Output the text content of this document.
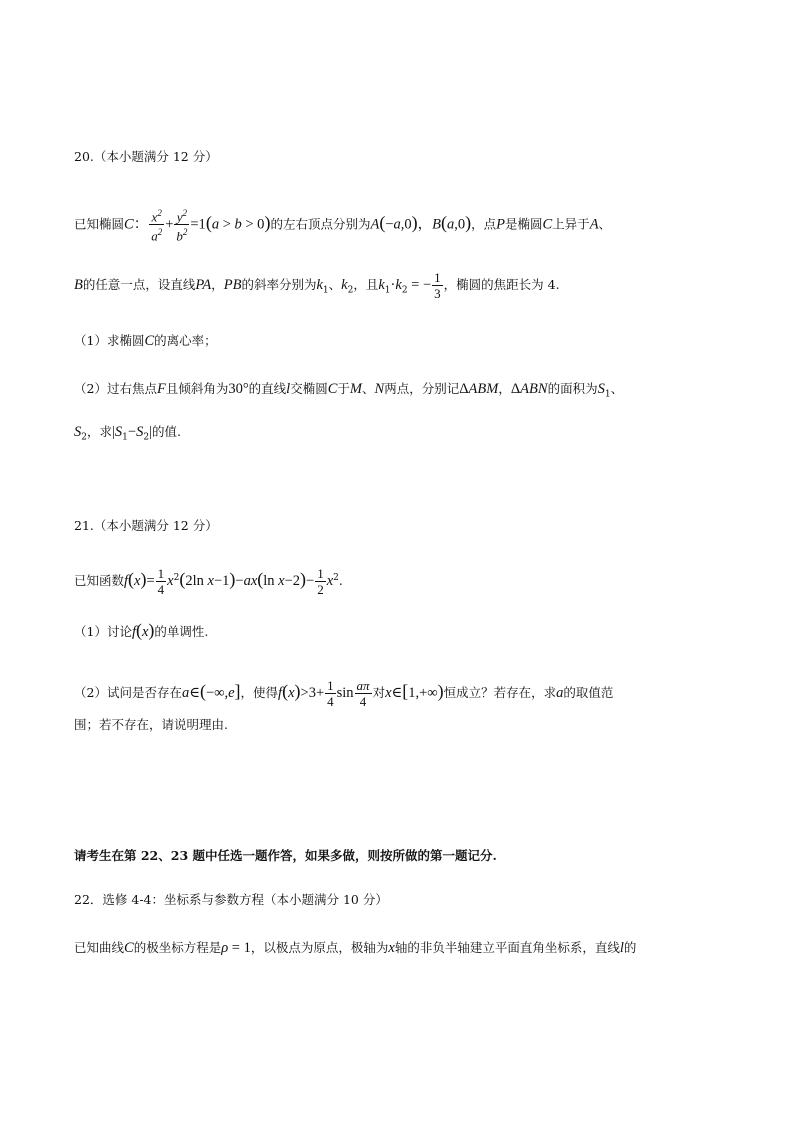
20.（本小题满分 12 分）
已知椭圆C： $\frac{x^2}{a^2} + \frac{y^2}{b^2} =1(a > b > 0)$的左右顶点分别为A(−a,0)，B(a,0)，点P是椭圆C上异于A、
B的任意一点，设直线PA，PB的斜率分别为$k_1$、$k_2$，且$k_1\cdot k_2$ = − $\frac{1}{3}$ ，椭圆的焦距长为 4.
（1）求椭圆C的离心率；
（2）过右焦点F且倾斜角为30°的直线l交椭圆C于M、N两点，分别记ΔABM，ΔABN的面积为$S_1$、
$S_2$，求$|S_1-S_2|$的值.
21.（本小题满分 12 分）
已知函数$f(x)= \frac{1}{4} x^2(2\ln$ x−1)−ax(ln $x-2)- \frac{1}{2} x^2$.
（1）讨论f(x)的单调性.
（2）试问是否存在a∈(−∞,e]，使得$f(x)>3+ \frac{1}{4}$ $\sin \frac{a\pi}{4}$ 对x∈[1,+∞)恒成立？若存在，求a的取值范
围；若不存在，请说明理由.
请考生在第 22、23 题中任选一题作答，如果多做，则按所做的第一题记分.
22．选修 4-4：坐标系与参数方程（本小题满分 10 分）
已知曲线C的极坐标方程是ρ = 1，以极点为原点，极轴为x轴的非负半轴建立平面直角坐标系，直线l的
